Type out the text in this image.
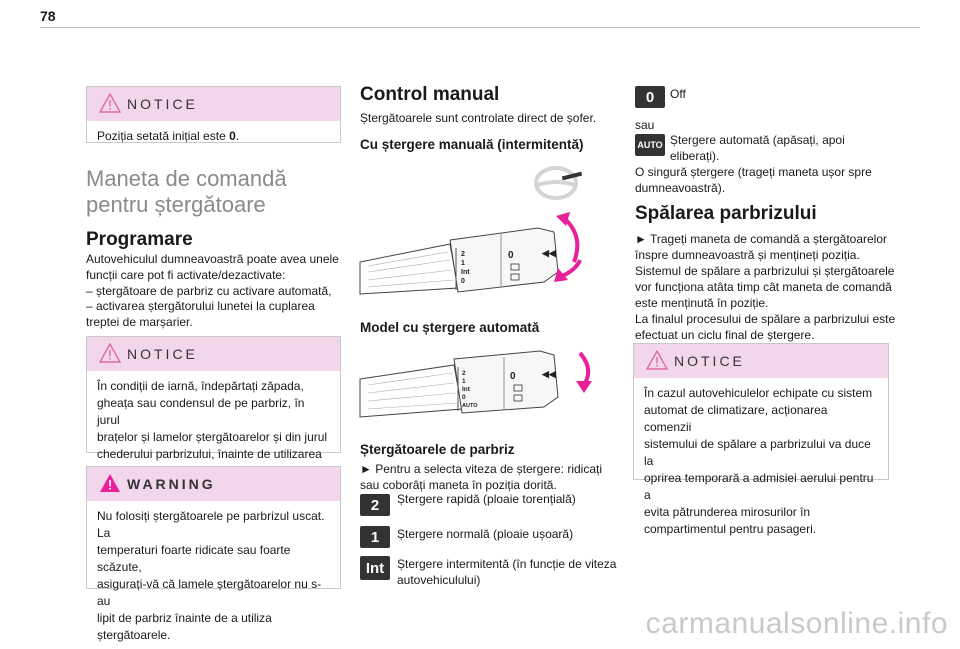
78
NOTICE
Poziția setată inițial este 0.
Maneta de comandă
pentru ștergătoare
Programare
Autovehiculul dumneavoastră poate avea unele
funcții care pot fi activate/dezactivate:
– ștergătoare de parbriz cu activare automată,
– activarea ștergătorului lunetei la cuplarea
treptei de marșarier.
NOTICE
În condiții de iarnă, îndepărtați zăpada,
gheața sau condensul de pe parbriz, în jurul
brațelor și lamelor ștergătoarelor și din jurul
chederului parbrizului, înainte de utilizarea
WARNING
Nu folosiți ștergătoarele pe parbrizul uscat. La
temperaturi foarte ridicate sau foarte scăzute,
asigurați-vă că lamele ștergătoarelor nu s-au
lipit de parbriz înainte de a utiliza
ștergătoarele.
Control manual

Ștergătoarele sunt controlate direct de șofer.

Cu ștergere manuală (intermitentă)
2
1
Int
0
0	◀◀
Model cu ștergere automată
2
1
Int
0
AUTO
0	◀◀
Ștergătoarele de parbriz
► Pentru a selecta viteza de ștergere: ridicați
sau coborâți maneta în poziția dorită.
2	Ștergere rapidă (ploaie torențială)
1	Ștergere normală (ploaie ușoară)
Int	Ștergere intermitentă (în funcție de viteza
autovehiculului)
0	Off
sau
AUTO Ștergere automată (apăsați, apoi
eliberați).
O singură ștergere (trageți maneta ușor spre
dumneavoastră).
Spălarea parbrizului
► Trageți maneta de comandă a ștergătoarelor
înspre dumneavoastră și mențineți poziția.
Sistemul de spălare a parbrizului și ștergătoarele
vor funcționa atâta timp cât maneta de comandă
este menținută în poziție.
La finalul procesului de spălare a parbrizului este
efectuat un ciclu final de ștergere.
NOTICE
În cazul autovehiculelor echipate cu sistem
automat de climatizare, acționarea comenzii
sistemului de spălare a parbrizului va duce la
oprirea temporară a admisiei aerului pentru a
evita pătrunderea mirosurilor în
compartimentul pentru pasageri.
carmanualsonline.info
